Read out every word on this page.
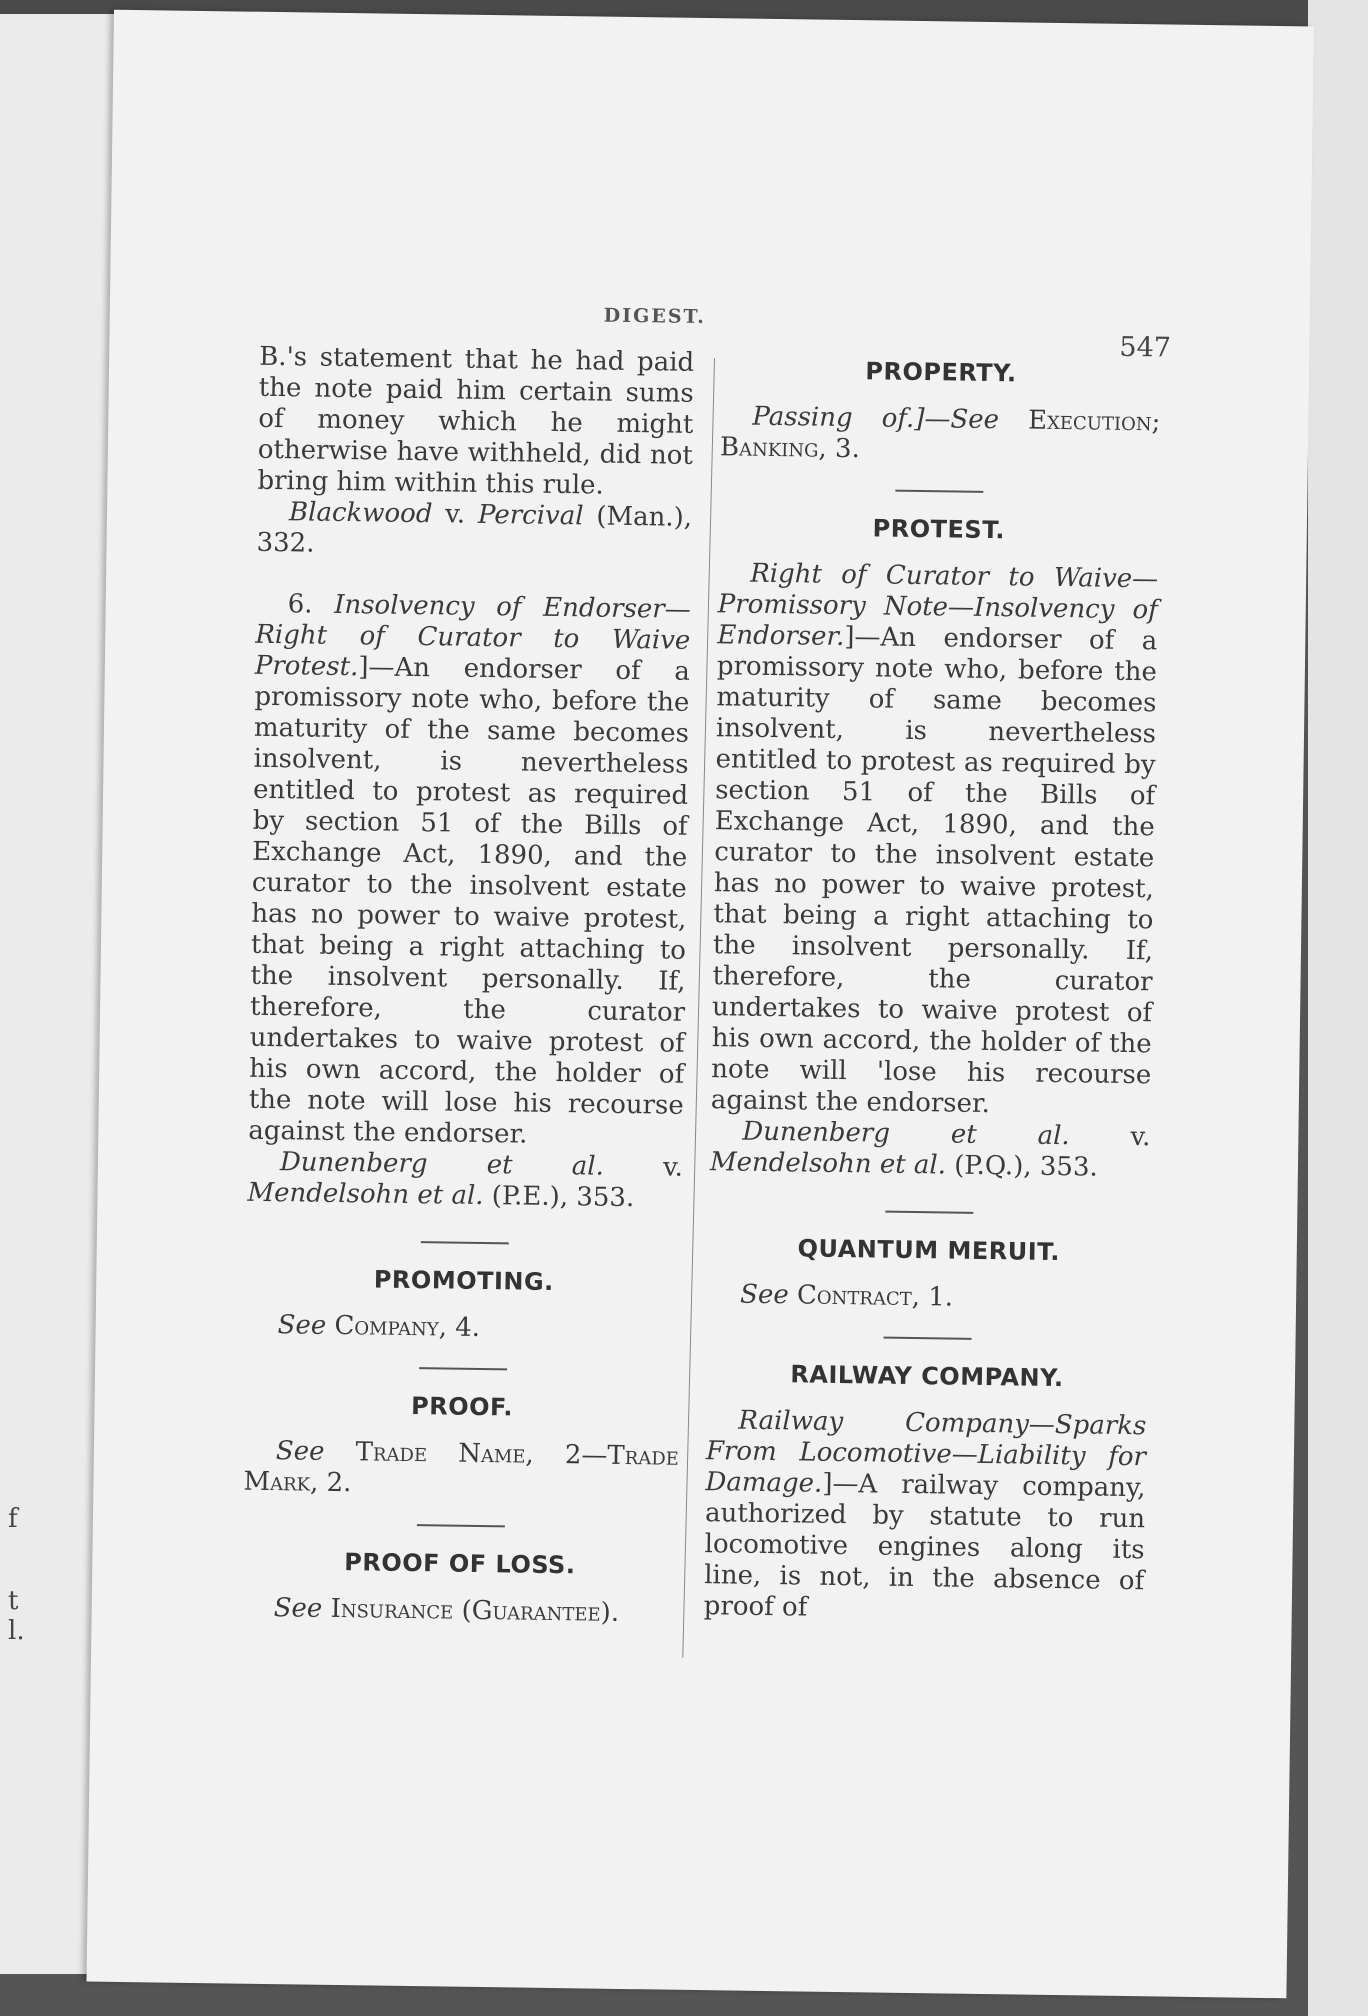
f
t
l.
DIGEST.
547

B.'s statement that he had paid the note paid him certain sums of money which he might otherwise have withheld, did not bring him within this rule.

Blackwood v. Percival (Man.), 332.

6. Insolvency of Endorser—Right of Curator to Waive Protest.]—An endorser of a promissory note who, before the maturity of the same becomes insolvent, is nevertheless entitled to protest as required by section 51 of the Bills of Exchange Act, 1890, and the curator to the insolvent estate has no power to waive protest, that being a right attaching to the insolvent personally. If, therefore, the curator undertakes to waive protest of his own accord, the holder of the note will lose his recourse against the endorser.

Dunenberg et al. v. Mendelsohn et al. (P.E.), 353.

PROMOTING.

See Company, 4.

PROOF.

See Trade Name, 2—Trade Mark, 2.

PROOF OF LOSS.

See Insurance (Guarantee).

PROPERTY.

Passing of.]—See Execution; Banking, 3.

PROTEST.

Right of Curator to Waive—Promissory Note—Insolvency of Endorser.]—An endorser of a promissory note who, before the maturity of same becomes insolvent, is nevertheless entitled to protest as required by section 51 of the Bills of Exchange Act, 1890, and the curator to the insolvent estate has no power to waive protest, that being a right attaching to the insolvent personally. If, therefore, the curator undertakes to waive protest of his own accord, the holder of the note will 'lose his recourse against the endorser.

Dunenberg et al. v. Mendelsohn et al. (P.Q.), 353.

QUANTUM MERUIT.

See Contract, 1.

RAILWAY COMPANY.

Railway Company—Sparks From Locomotive—Liability for Damage.]—A railway company, authorized by statute to run locomotive engines along its line, is not, in the absence of proof of
